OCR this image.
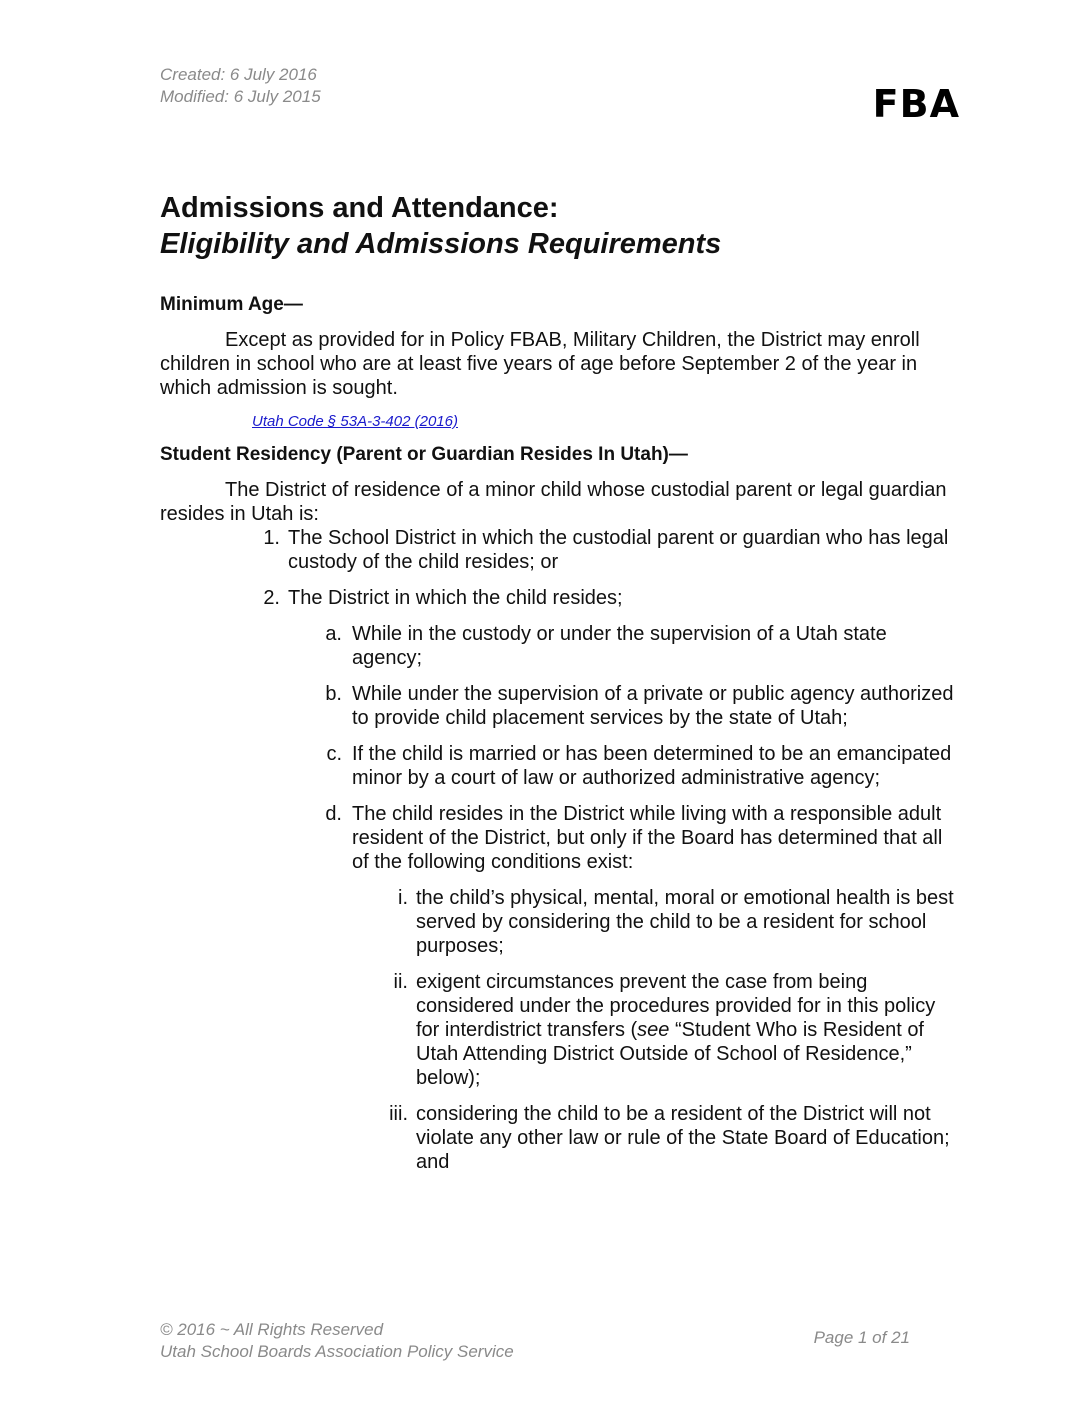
Created: 6 July 2016
Modified: 6 July 2015	FBA
Admissions and Attendance:
Eligibility and Admissions Requirements
Minimum Age—

Except as provided for in Policy FBAB, Military Children, the District may enroll children in school who are at least five years of age before September 2 of the year in which admission is sought.

Utah Code § 53A-3-402 (2016)
Student Residency (Parent or Guardian Resides In Utah)—

The District of residence of a minor child whose custodial parent or legal guardian resides in Utah is:

1. The School District in which the custodial parent or guardian who has legal custody of the child resides; or
2. The District in which the child resides;
a. While in the custody or under the supervision of a Utah state agency;
b. While under the supervision of a private or public agency authorized to provide child placement services by the state of Utah;
c. If the child is married or has been determined to be an emancipated minor by a court of law or authorized administrative agency;
d. The child resides in the District while living with a responsible adult resident of the District, but only if the Board has determined that all of the following conditions exist:
i. the child’s physical, mental, moral or emotional health is best served by considering the child to be a resident for school purposes;
ii. exigent circumstances prevent the case from being considered under the procedures provided for in this policy for interdistrict transfers (see “Student Who is Resident of Utah Attending District Outside of School of Residence,” below);
iii. considering the child to be a resident of the District will not violate any other law or rule of the State Board of Education; and
© 2016 ~ All Rights Reserved
Utah School Boards Association Policy Service
Page 1 of 21
